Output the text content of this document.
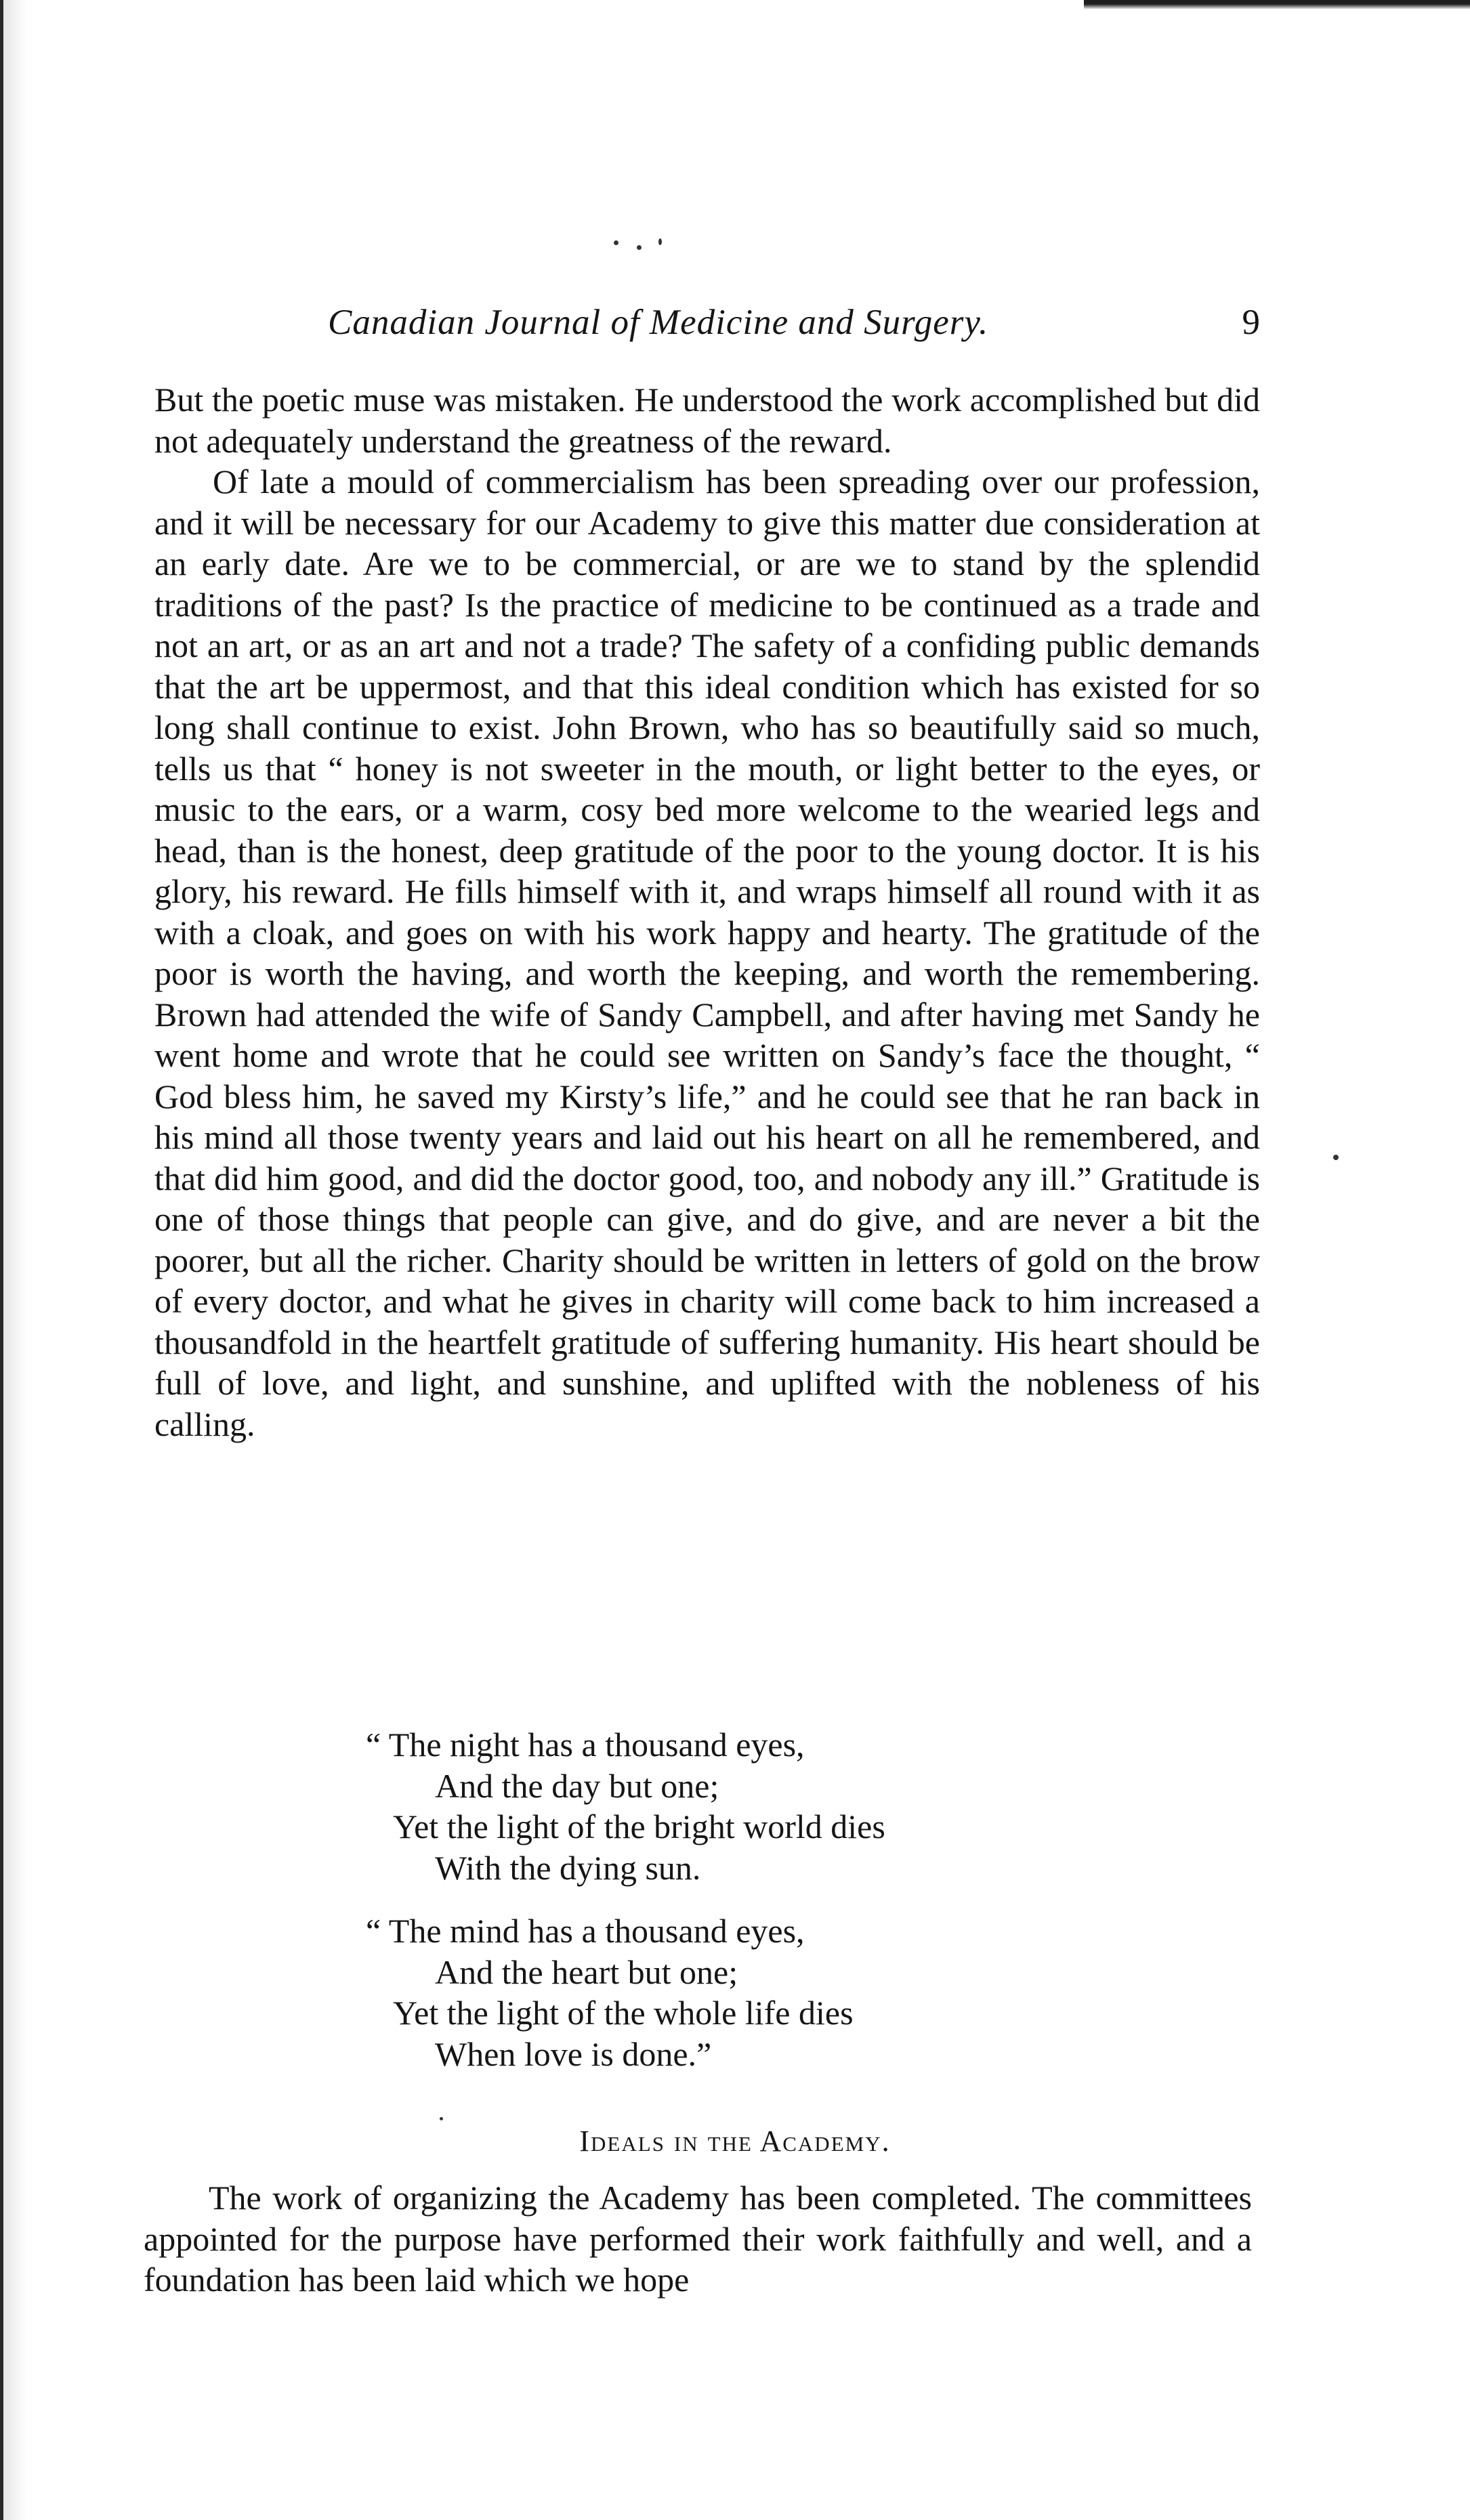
Canadian Journal of Medicine and Surgery.	9

But the poetic muse was mistaken. He understood the work accomplished but did not adequately understand the greatness of the reward.

Of late a mould of commercialism has been spreading over our profession, and it will be necessary for our Academy to give this matter due consideration at an early date. Are we to be commercial, or are we to stand by the splendid traditions of the past? Is the practice of medicine to be continued as a trade and not an art, or as an art and not a trade? The safety of a confiding public demands that the art be uppermost, and that this ideal condition which has existed for so long shall continue to exist. John Brown, who has so beautifully said so much, tells us that “ honey is not sweeter in the mouth, or light better to the eyes, or music to the ears, or a warm, cosy bed more welcome to the wearied legs and head, than is the honest, deep gratitude of the poor to the young doctor. It is his glory, his reward. He fills himself with it, and wraps himself all round with it as with a cloak, and goes on with his work happy and hearty. The gratitude of the poor is worth the having, and worth the keeping, and worth the remembering. Brown had attended the wife of Sandy Campbell, and after having met Sandy he went home and wrote that he could see written on Sandy’s face the thought, “ God bless him, he saved my Kirsty’s life,” and he could see that he ran back in his mind all those twenty years and laid out his heart on all he remembered, and that did him good, and did the doctor good, too, and nobody any ill.” Gratitude is one of those things that people can give, and do give, and are never a bit the poorer, but all the richer. Charity should be written in letters of gold on the brow of every doctor, and what he gives in charity will come back to him increased a thousandfold in the heartfelt gratitude of suffering humanity. His heart should be full of love, and light, and sunshine, and uplifted with the nobleness of his calling.

“ The night has a thousand eyes,
And the day but one;
Yet the light of the bright world dies
With the dying sun.
“ The mind has a thousand eyes,
And the heart but one;
Yet the light of the whole life dies
When love is done.”
Ideals in the Academy.

The work of organizing the Academy has been completed. The committees appointed for the purpose have performed their work faithfully and well, and a foundation has been laid which we hope
